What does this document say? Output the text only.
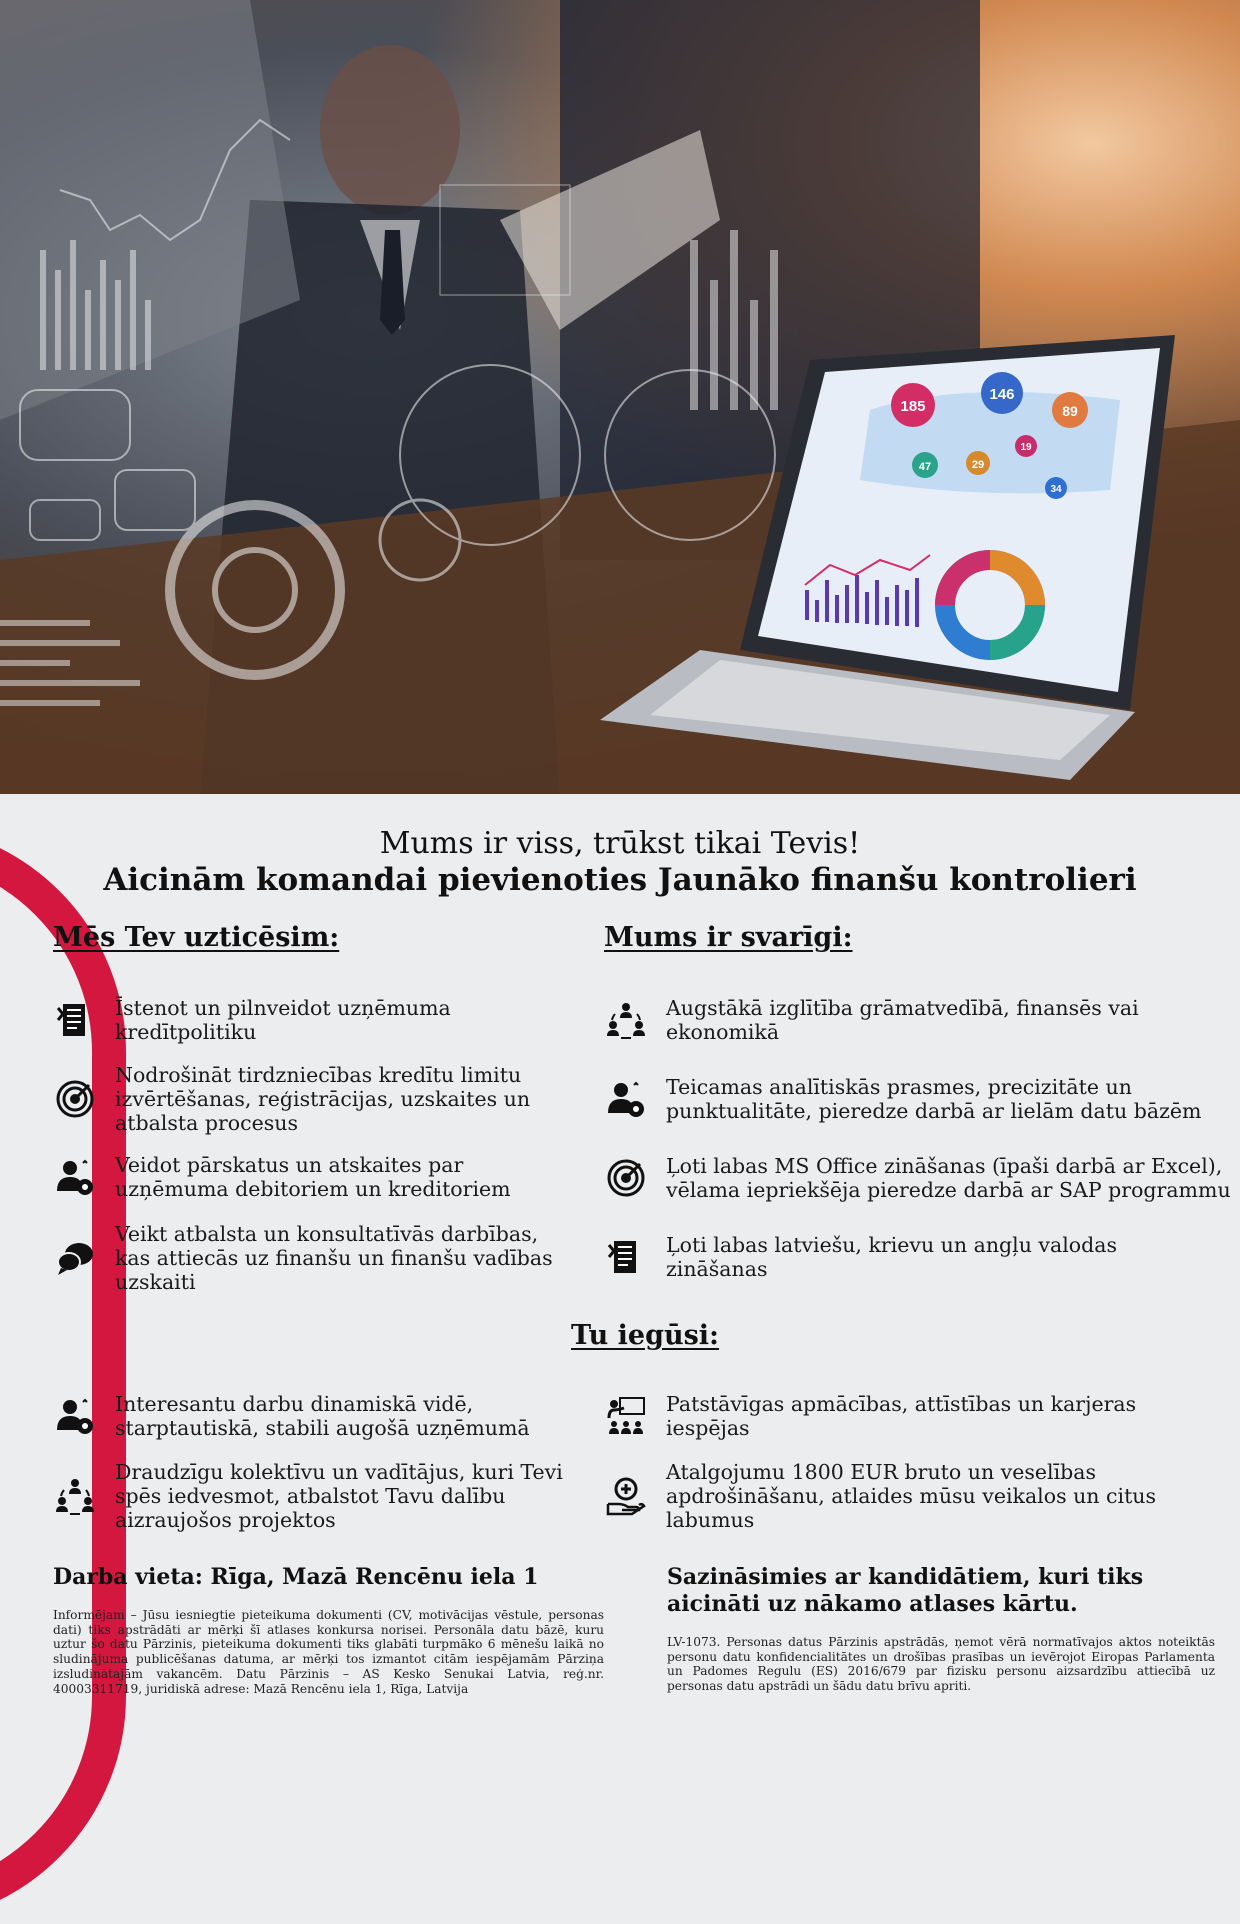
185
146
89
47	29
19
34
Mums ir viss, trūkst tikai Tevis!
Aicinām komandai pievienoties Jaunāko finanšu kontrolieri
Mēs Tev uzticēsim:	Mums ir svarīgi:
Tu iegūsi:
Īstenot un pilnveidot uzņēmuma kredītpolitiku
Nodrošināt tirdzniecības kredītu limitu izvērtēšanas, reģistrācijas, uzskaites un atbalsta procesus
Veidot pārskatus un atskaites par uzņēmuma debitoriem un kreditoriem
Veikt atbalsta un konsultatīvās darbības, kas attiecās uz finanšu un finanšu vadības uzskaiti
Augstākā izglītība grāmatvedībā, finansēs vai ekonomikā
Teicamas analītiskās prasmes, precizitāte un punktualitāte, pieredze darbā ar lielām datu bāzēm
Ļoti labas MS Office zināšanas (īpaši darbā ar Excel), vēlama iepriekšēja pieredze darbā ar SAP programmu
Ļoti labas latviešu, krievu un angļu valodas zināšanas
Interesantu darbu dinamiskā vidē, starptautiskā, stabili augošā uzņēmumā
Patstāvīgas apmācības, attīstības un karjeras iespējas
Draudzīgu kolektīvu un vadītājus, kuri Tevi spēs iedvesmot, atbalstot Tavu dalību aizraujošos projektos
Atalgojumu 1800 EUR bruto un veselības apdrošināšanu, atlaides mūsu veikalos un citus labumus
Darba vieta: Rīga, Mazā Rencēnu iela 1	Sazināsimies ar kandidātiem, kuri tiks aicināti uz nākamo atlases kārtu.
Informējam – Jūsu iesniegtie pieteikuma dokumenti (CV, motivācijas vēstule, personas dati) tiks apstrādāti ar mērķi šī atlases konkursa norisei. Personāla datu bāzē, kuru uztur šo datu Pārzinis, pieteikuma dokumenti tiks glabāti turpmāko 6 mēnešu laikā no sludinājuma publicēšanas datuma, ar mērķi tos izmantot citām iespējamām Pārziņa izsludinātajām vakancēm. Datu Pārzinis – AS Kesko Senukai Latvia, reģ.nr. 40003311719, juridiskā adrese: Mazā Rencēnu iela 1, Rīga, Latvija
LV-1073. Personas datus Pārzinis apstrādās, ņemot vērā normatīvajos aktos noteiktās personu datu konfidencialitātes un drošības prasības un ievērojot Eiropas Parlamenta un Padomes Regulu (ES) 2016/679 par fizisku personu aizsardzību attiecībā uz personas datu apstrādi un šādu datu brīvu apriti.
